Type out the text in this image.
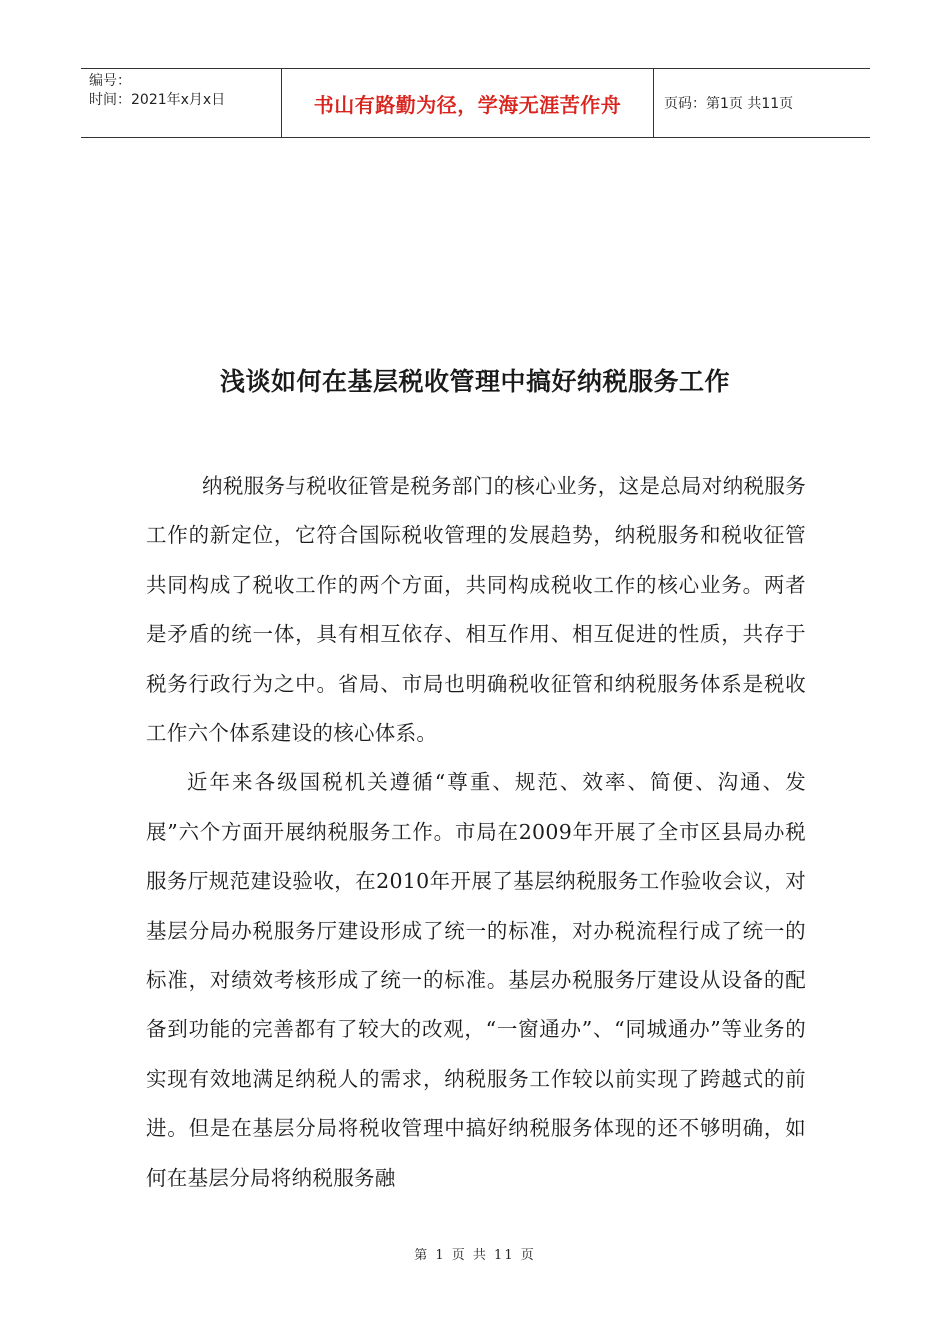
编号：
时间：2021年x月x日	书山有路勤为径，学海无涯苦作舟	页码：第1页 共11页
浅谈如何在基层税收管理中搞好纳税服务工作

纳税服务与税收征管是税务部门的核心业务，这是总局对纳税服务工作的新定位，它符合国际税收管理的发展趋势，纳税服务和税收征管共同构成了税收工作的两个方面，共同构成税收工作的核心业务。两者是矛盾的统一体，具有相互依存、相互作用、相互促进的性质，共存于税务行政行为之中。省局、市局也明确税收征管和纳税服务体系是税收工作六个体系建设的核心体系。

近年来各级国税机关遵循“尊重、规范、效率、简便、沟通、发展”六个方面开展纳税服务工作。市局在2009年开展了全市区县局办税服务厅规范建设验收，在2010年开展了基层纳税服务工作验收会议，对基层分局办税服务厅建设形成了统一的标准，对办税流程行成了统一的标准，对绩效考核形成了统一的标准。基层办税服务厅建设从设备的配备到功能的完善都有了较大的改观，“一窗通办”、“同城通办”等业务的实现有效地满足纳税人的需求，纳税服务工作较以前实现了跨越式的前进。但是在基层分局将税收管理中搞好纳税服务体现的还不够明确，如何在基层分局将纳税服务融

第 1 页 共 11 页
